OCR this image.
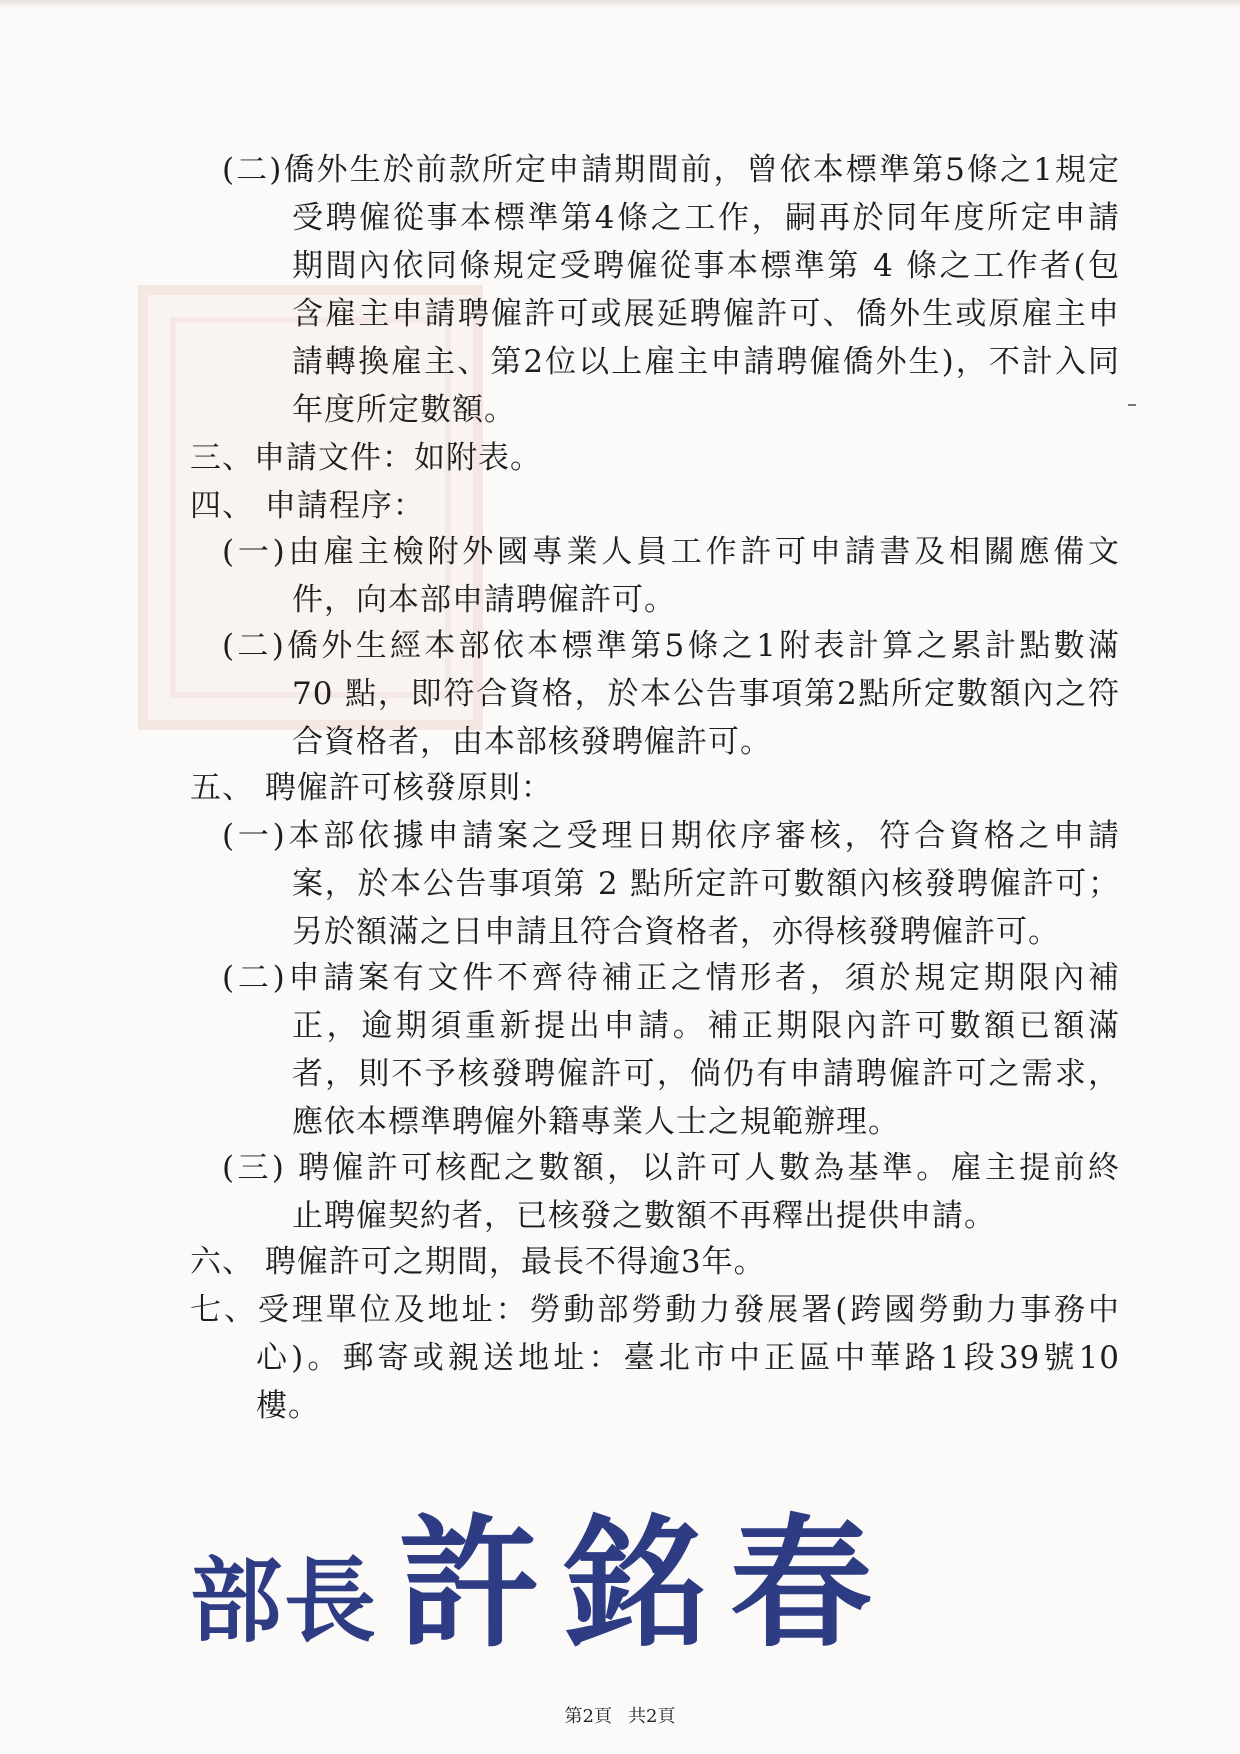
(二)僑外生於前款所定申請期間前，曾依本標準第5條之1規定
受聘僱從事本標準第4條之工作，嗣再於同年度所定申請
期間內依同條規定受聘僱從事本標準第 4 條之工作者(包
含雇主申請聘僱許可或展延聘僱許可、僑外生或原雇主申
請轉換雇主、第2位以上雇主申請聘僱僑外生)，不計入同
年度所定數額。
三、申請文件：如附表。
四、 申請程序：
(一)由雇主檢附外國專業人員工作許可申請書及相關應備文
件，向本部申請聘僱許可。
(二)僑外生經本部依本標準第5條之1附表計算之累計點數滿
70 點，即符合資格，於本公告事項第2點所定數額內之符
合資格者，由本部核發聘僱許可。
五、 聘僱許可核發原則：
(一)本部依據申請案之受理日期依序審核，符合資格之申請
案，於本公告事項第 2 點所定許可數額內核發聘僱許可；
另於額滿之日申請且符合資格者，亦得核發聘僱許可。
(二)申請案有文件不齊待補正之情形者，須於規定期限內補
正，逾期須重新提出申請。補正期限內許可數額已額滿
者，則不予核發聘僱許可，倘仍有申請聘僱許可之需求，
應依本標準聘僱外籍專業人士之規範辦理。
(三) 聘僱許可核配之數額，以許可人數為基準。雇主提前終
止聘僱契約者，已核發之數額不再釋出提供申請。
六、 聘僱許可之期間，最長不得逾3年。
七、受理單位及地址：勞動部勞動力發展署(跨國勞動力事務中
心)。郵寄或親送地址：臺北市中正區中華路1段39號10
樓。
部長 許銘春
第2頁 共2頁
